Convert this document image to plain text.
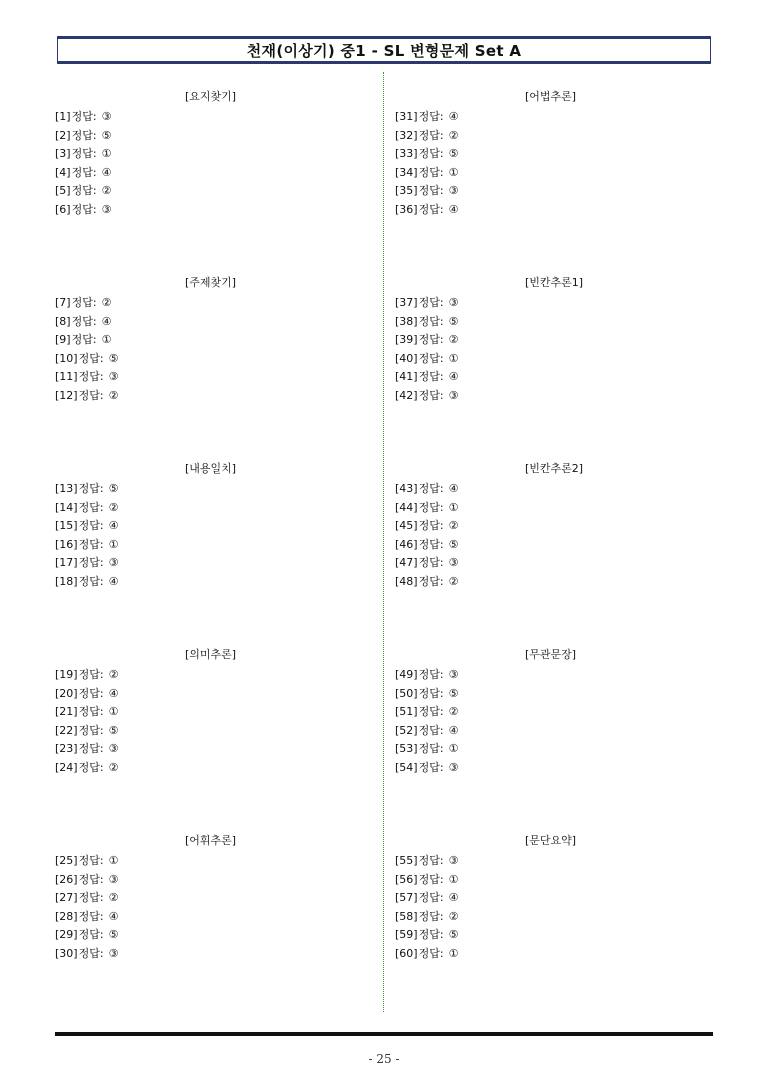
천재(이상기) 중1 - SL 변형문제 Set A
[요지찾기]
[1]정답: ③
[2]정답: ⑤
[3]정답: ①
[4]정답: ④
[5]정답: ②
[6]정답: ③
[주제찾기]
[7]정답: ②
[8]정답: ④
[9]정답: ①
[10]정답: ⑤
[11]정답: ③
[12]정답: ②
[내용일치]
[13]정답: ⑤
[14]정답: ②
[15]정답: ④
[16]정답: ①
[17]정답: ③
[18]정답: ④
[의미추론]
[19]정답: ②
[20]정답: ④
[21]정답: ①
[22]정답: ⑤
[23]정답: ③
[24]정답: ②
[어휘추론]
[25]정답: ①
[26]정답: ③
[27]정답: ②
[28]정답: ④
[29]정답: ⑤
[30]정답: ③
[어법추론]
[31]정답: ④
[32]정답: ②
[33]정답: ⑤
[34]정답: ①
[35]정답: ③
[36]정답: ④
[빈칸추론1]
[37]정답: ③
[38]정답: ⑤
[39]정답: ②
[40]정답: ①
[41]정답: ④
[42]정답: ③
[빈칸추론2]
[43]정답: ④
[44]정답: ①
[45]정답: ②
[46]정답: ⑤
[47]정답: ③
[48]정답: ②
[무관문장]
[49]정답: ③
[50]정답: ⑤
[51]정답: ②
[52]정답: ④
[53]정답: ①
[54]정답: ③
[문단요약]
[55]정답: ③
[56]정답: ①
[57]정답: ④
[58]정답: ②
[59]정답: ⑤
[60]정답: ①
- 25 -
